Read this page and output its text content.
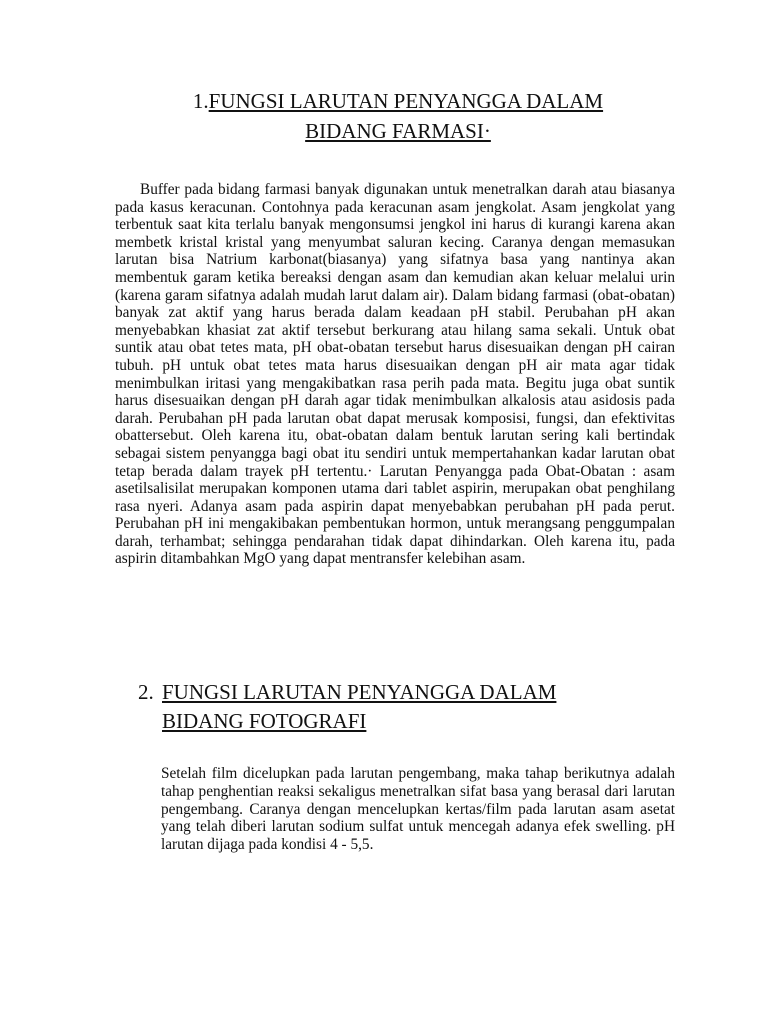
1.FUNGSI LARUTAN PENYANGGA DALAM
BIDANG FARMASI·

Buffer pada bidang farmasi banyak digunakan untuk menetralkan darah atau biasanya pada kasus keracunan. Contohnya pada keracunan asam jengkolat. Asam jengkolat yang terbentuk saat kita terlalu banyak mengonsumsi jengkol ini harus di kurangi karena akan membetk kristal kristal yang menyumbat saluran kecing. Caranya dengan memasukan larutan bisa Natrium karbonat(biasanya) yang sifatnya basa yang nantinya akan membentuk garam ketika bereaksi dengan asam dan kemudian akan keluar melalui urin (karena garam sifatnya adalah mudah larut dalam air). Dalam bidang farmasi (obat-obatan) banyak zat aktif yang harus berada dalam keadaan pH stabil. Perubahan pH akan menyebabkan khasiat zat aktif tersebut berkurang atau hilang sama sekali. Untuk obat suntik atau obat tetes mata, pH obat-obatan tersebut harus disesuaikan dengan pH cairan tubuh. pH untuk obat tetes mata harus disesuaikan dengan pH air mata agar tidak menimbulkan iritasi yang mengakibatkan rasa perih pada mata. Begitu juga obat suntik harus disesuaikan dengan pH darah agar tidak menimbulkan alkalosis atau asidosis pada darah. Perubahan pH pada larutan obat dapat merusak komposisi, fungsi, dan efektivitas obattersebut. Oleh karena itu, obat-obatan dalam bentuk larutan sering kali bertindak sebagai sistem penyangga bagi obat itu sendiri untuk mempertahankan kadar larutan obat tetap berada dalam trayek pH tertentu.· Larutan Penyangga pada Obat-Obatan : asam asetilsalisilat merupakan komponen utama dari tablet aspirin, merupakan obat penghilang rasa nyeri. Adanya asam pada aspirin dapat menyebabkan perubahan pH pada perut. Perubahan pH ini mengakibakan pembentukan hormon, untuk merangsang penggumpalan darah, terhambat; sehingga pendarahan tidak dapat dihindarkan. Oleh karena itu, pada aspirin ditambahkan MgO yang dapat mentransfer kelebihan asam.

2. FUNGSI LARUTAN PENYANGGA DALAM
BIDANG FOTOGRAFI

Setelah film dicelupkan pada larutan pengembang, maka tahap berikutnya adalah tahap penghentian reaksi sekaligus menetralkan sifat basa yang berasal dari larutan pengembang. Caranya dengan mencelupkan kertas/film pada larutan asam asetat yang telah diberi larutan sodium sulfat untuk mencegah adanya efek swelling. pH larutan dijaga pada kondisi 4 - 5,5.
